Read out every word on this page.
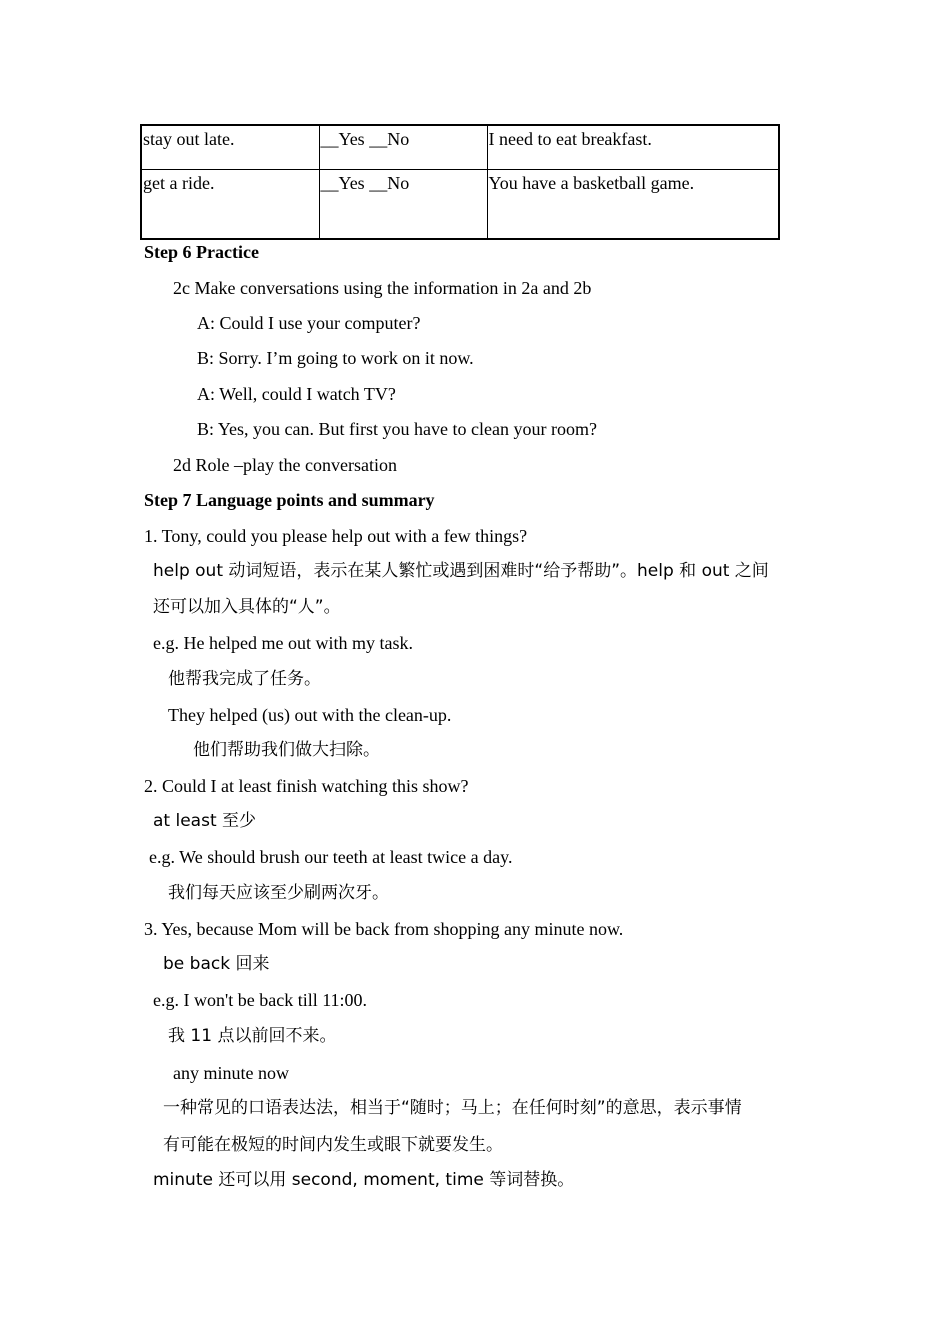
stay out late.	__Yes __No	I need to eat breakfast.
get a ride.	__Yes __No	You have a basketball game.
Step 6 Practice
2c Make conversations using the information in 2a and 2b
A: Could I use your computer?
B: Sorry. I’m going to work on it now.
A: Well, could I watch TV?
B: Yes, you can. But first you have to clean your room?
2d Role –play the conversation
Step 7 Language points and summary
1. Tony, could you please help out with a few things?
help out 动词短语，表示在某人繁忙或遇到困难时“给予帮助”。help 和 out 之间
还可以加入具体的“人”。
e.g. He helped me out with my task.
他帮我完成了任务。
They helped (us) out with the clean-up.
他们帮助我们做大扫除。
2. Could I at least finish watching this show?
at least 至少
e.g. We should brush our teeth at least twice a day.
我们每天应该至少刷两次牙。
3. Yes, because Mom will be back from shopping any minute now.
be back 回来
e.g. I won't be back till 11:00.
我 11 点以前回不来。
any minute now
一种常见的口语表达法，相当于“随时；马上；在任何时刻”的意思，表示事情
有可能在极短的时间内发生或眼下就要发生。
minute 还可以用 second, moment, time 等词替换。
